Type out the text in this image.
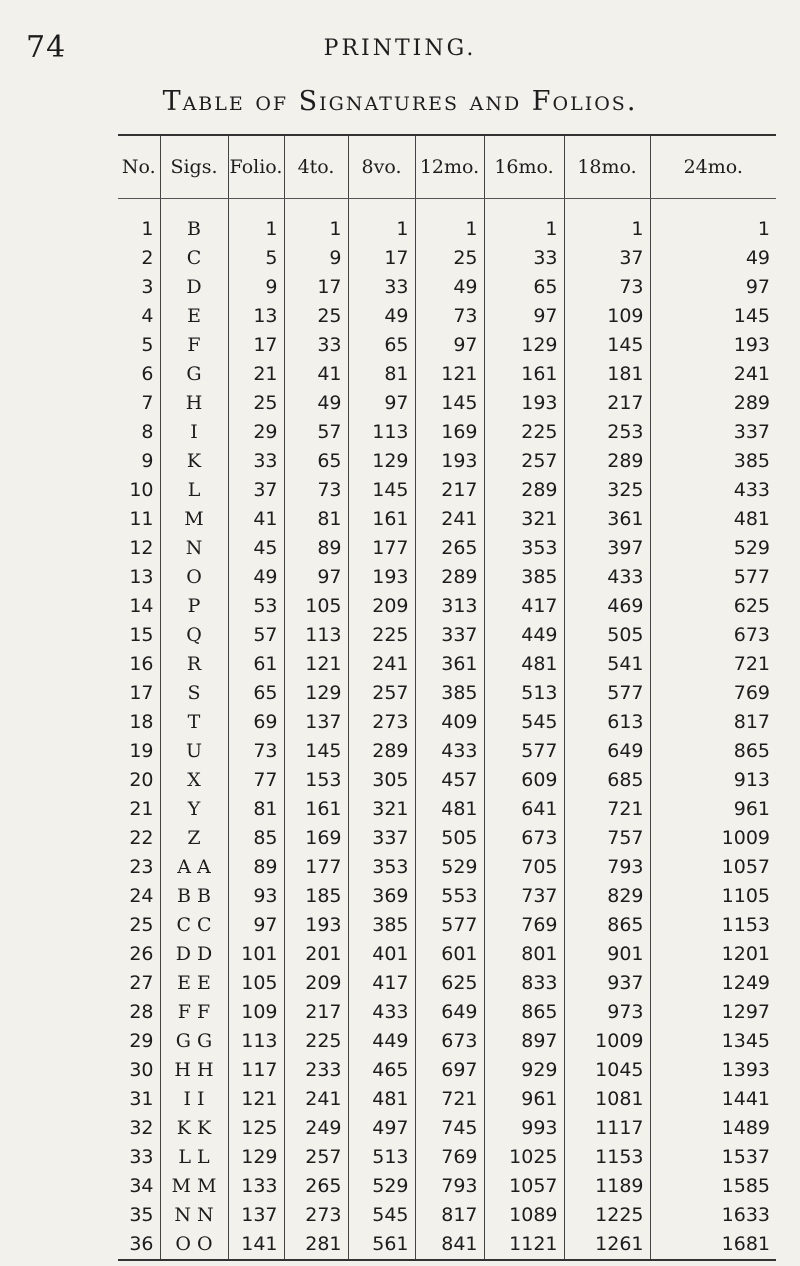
74	PRINTING.
Table of Signatures and Folios.
No.	Sigs.	Folio.	4to.	8vo.	12mo.	16mo.	18mo.	24mo.
1	B	1	1	1	1	1	1	1
2	C	5	9	17	25	33	37	49
3	D	9	17	33	49	65	73	97
4	E	13	25	49	73	97	109	145
5	F	17	33	65	97	129	145	193
6	G	21	41	81	121	161	181	241
7	H	25	49	97	145	193	217	289
8	I	29	57	113	169	225	253	337
9	K	33	65	129	193	257	289	385
10	L	37	73	145	217	289	325	433
11	M	41	81	161	241	321	361	481
12	N	45	89	177	265	353	397	529
13	O	49	97	193	289	385	433	577
14	P	53	105	209	313	417	469	625
15	Q	57	113	225	337	449	505	673
16	R	61	121	241	361	481	541	721
17	S	65	129	257	385	513	577	769
18	T	69	137	273	409	545	613	817
19	U	73	145	289	433	577	649	865
20	X	77	153	305	457	609	685	913
21	Y	81	161	321	481	641	721	961
22	Z	85	169	337	505	673	757	1009
23	A A	89	177	353	529	705	793	1057
24	B B	93	185	369	553	737	829	1105
25	C C	97	193	385	577	769	865	1153
26	D D	101	201	401	601	801	901	1201
27	E E	105	209	417	625	833	937	1249
28	F F	109	217	433	649	865	973	1297
29	G G	113	225	449	673	897	1009	1345
30	H H	117	233	465	697	929	1045	1393
31	I I	121	241	481	721	961	1081	1441
32	K K	125	249	497	745	993	1117	1489
33	L L	129	257	513	769	1025	1153	1537
34	M M	133	265	529	793	1057	1189	1585
35	N N	137	273	545	817	1089	1225	1633
36	O O	141	281	561	841	1121	1261	1681
